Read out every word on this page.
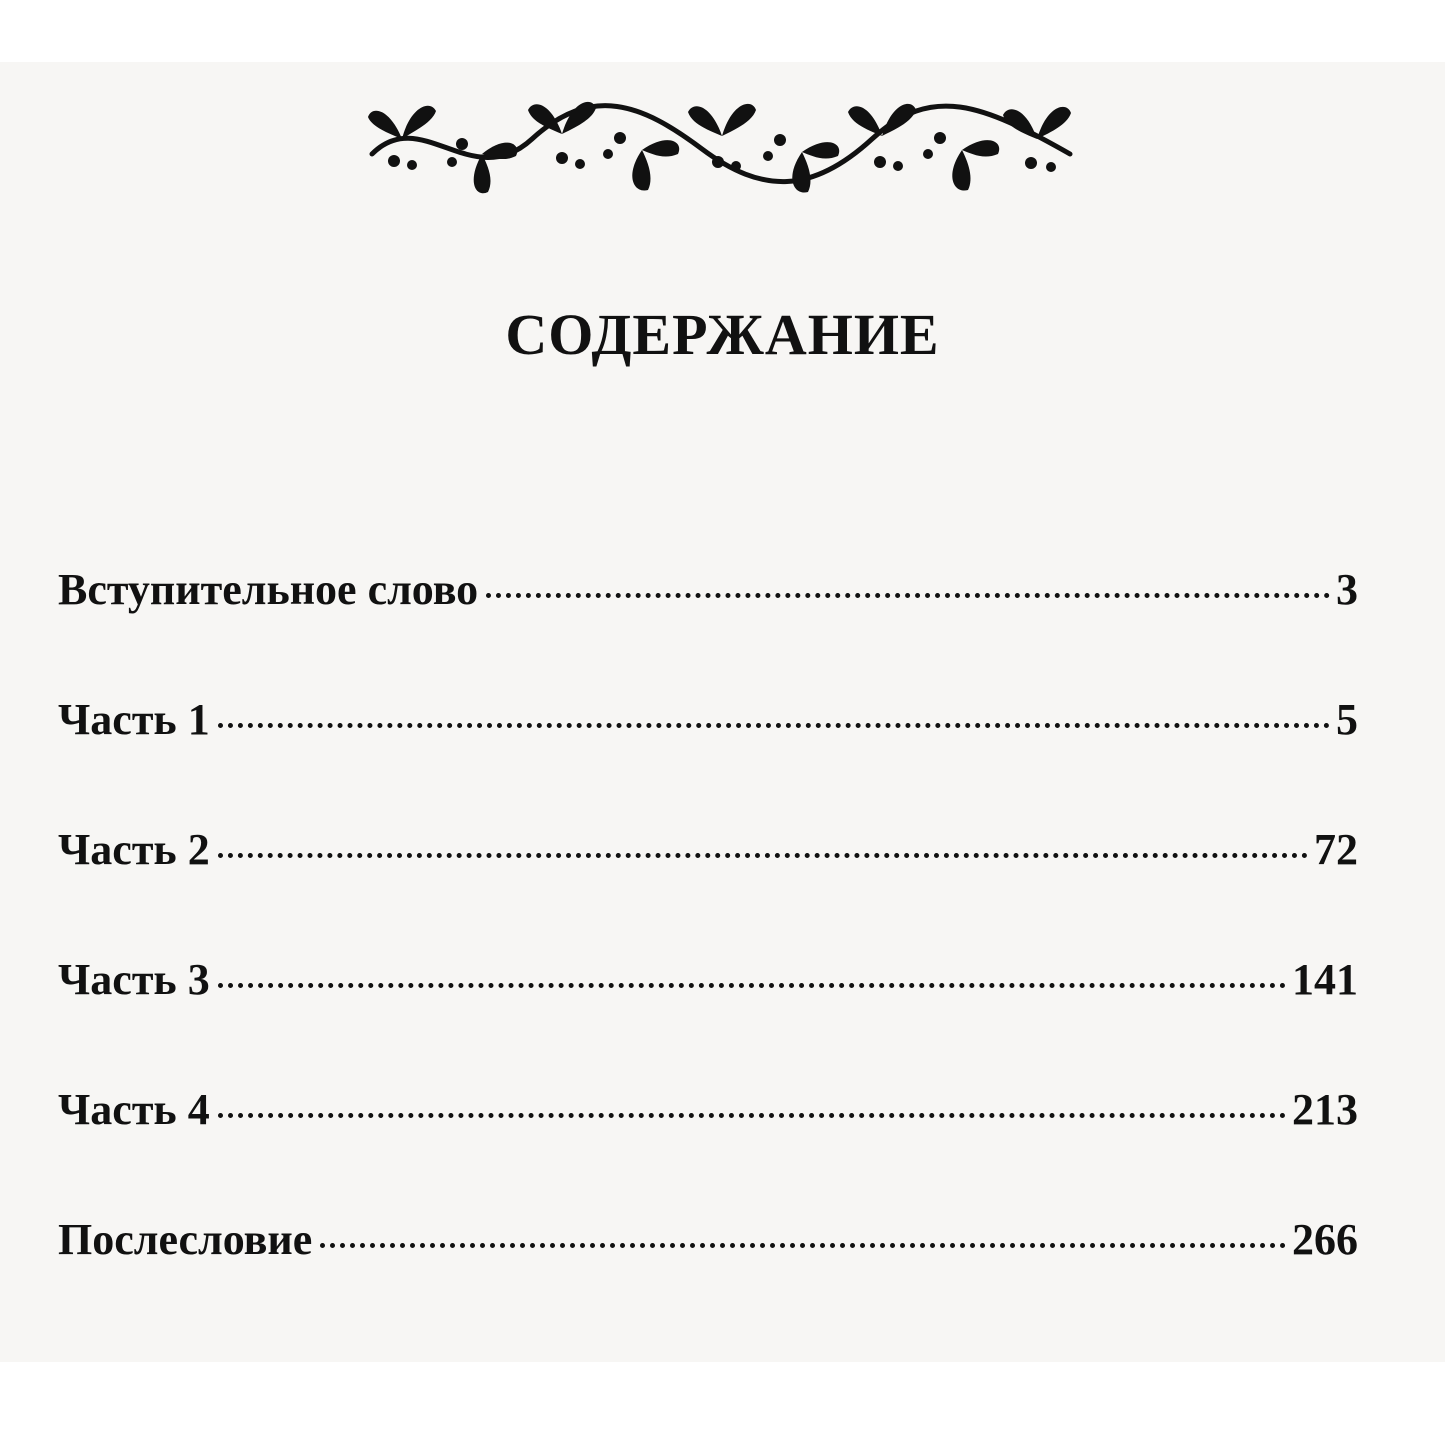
СОДЕРЖАНИЕ
Вступительное слово	3
Часть 1	5
Часть 2	72
Часть 3	141
Часть 4	213
Послесловие	266
